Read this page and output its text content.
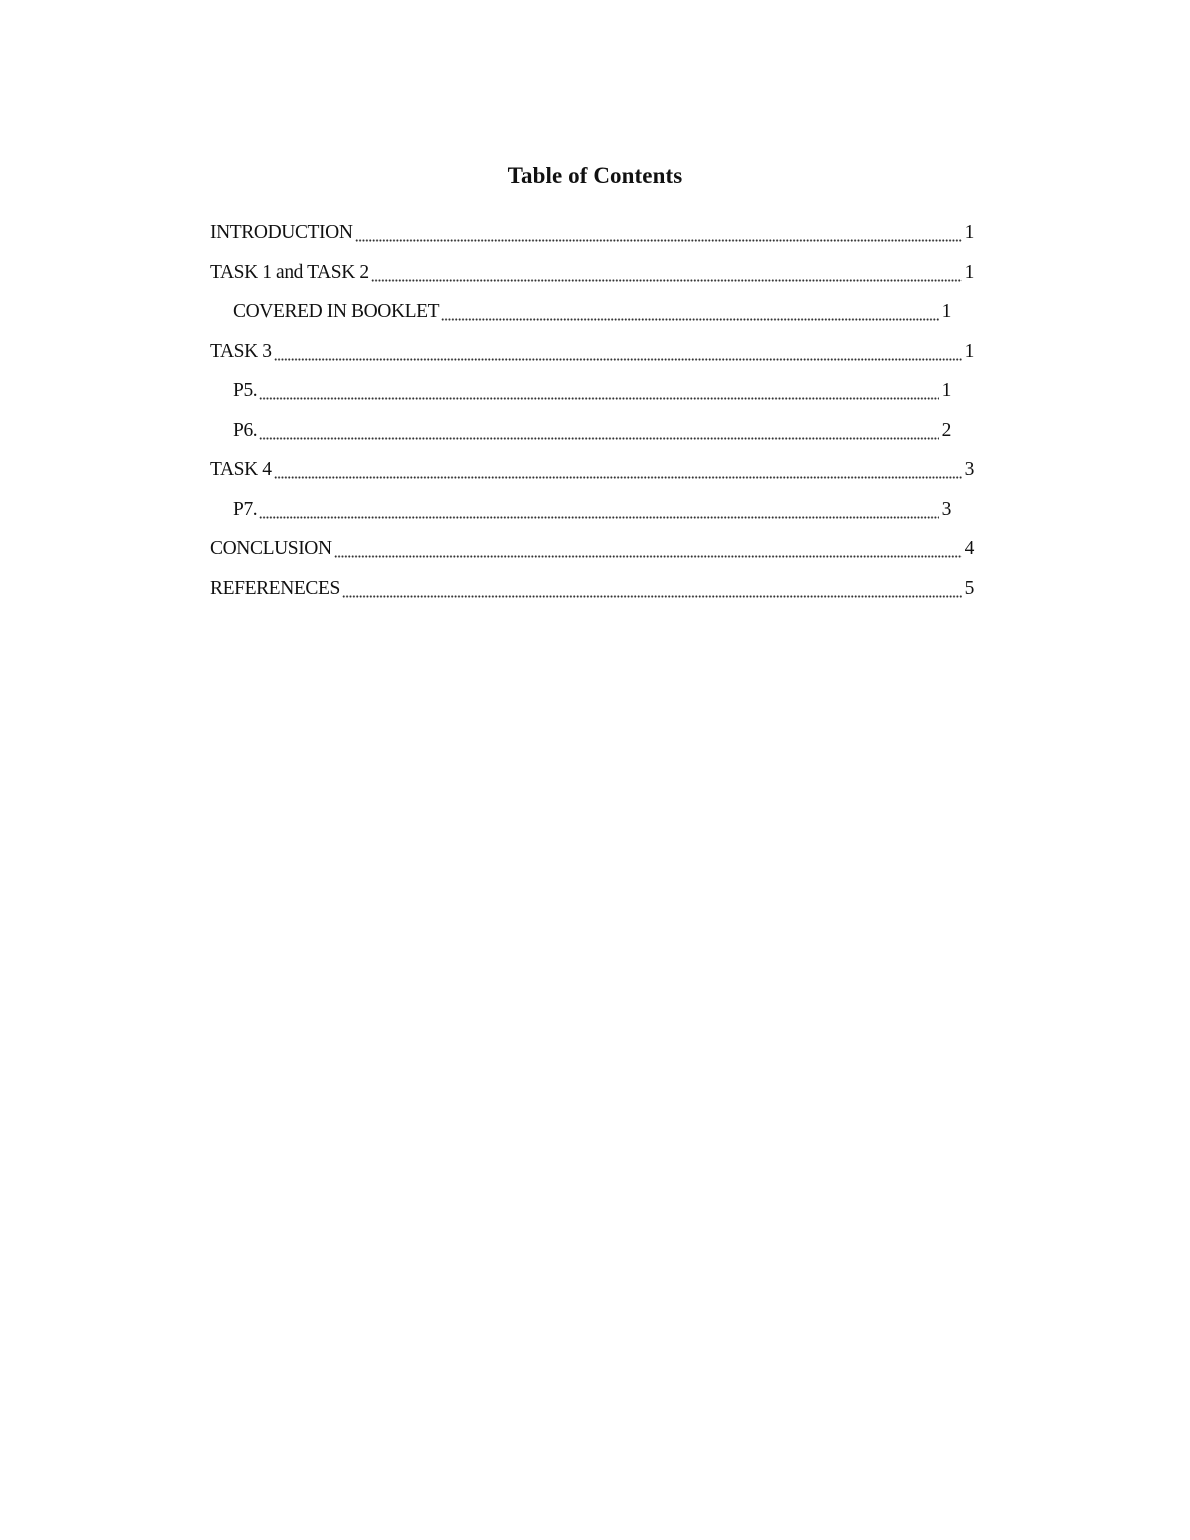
Table of Contents
INTRODUCTION	1
TASK 1 and TASK 2	1
COVERED IN BOOKLET	1
TASK 3	1
P5.	1
P6.	2
TASK 4	3
P7.	3
CONCLUSION	4
REFERENECES	5
